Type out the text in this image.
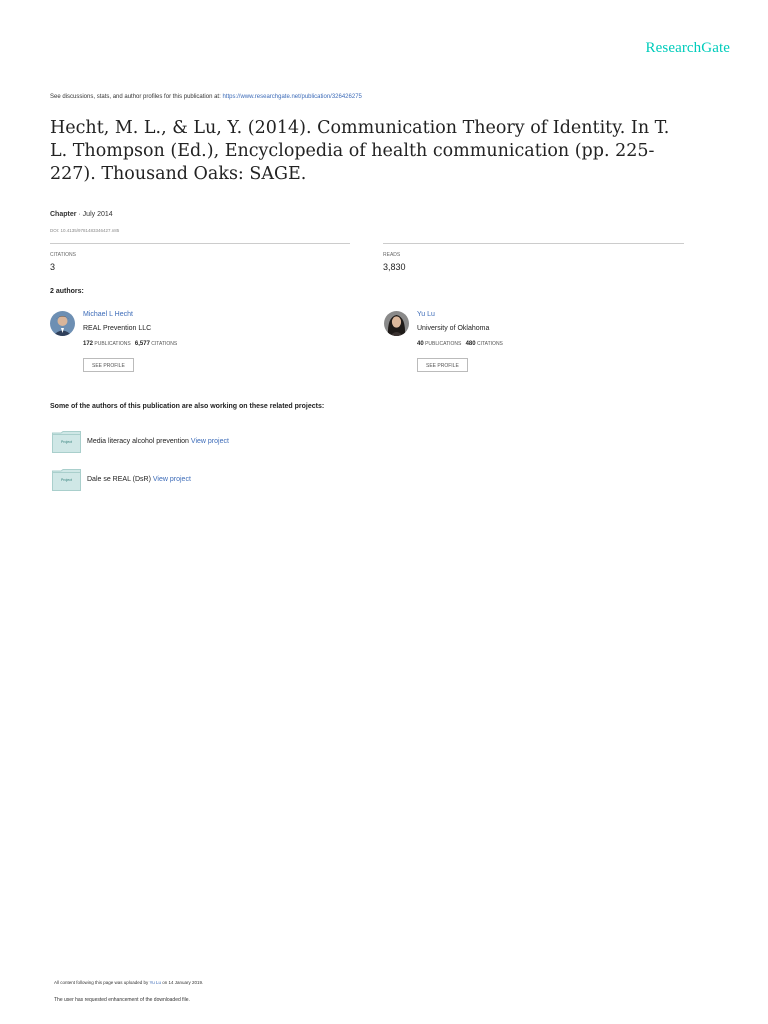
ResearchGate
See discussions, stats, and author profiles for this publication at: https://www.researchgate.net/publication/326426275
Hecht, M. L., & Lu, Y. (2014). Communication Theory of Identity. In T. L. Thompson (Ed.), Encyclopedia of health communication (pp. 225-227). Thousand Oaks: SAGE.
Chapter · July 2014
DOI: 10.4135/9781483346427.n85
CITATIONS
3
READS
3,830
2 authors:
Michael L Hecht
REAL Prevention LLC
172 PUBLICATIONS 6,577 CITATIONS
SEE PROFILE
Yu Lu
University of Oklahoma
40 PUBLICATIONS 480 CITATIONS
SEE PROFILE
Some of the authors of this publication are also working on these related projects:
Project	Media literacy alcohol prevention View project
Project	Dale se REAL (DsR) View project
All content following this page was uploaded by Yu Lu on 14 January 2019.
The user has requested enhancement of the downloaded file.
